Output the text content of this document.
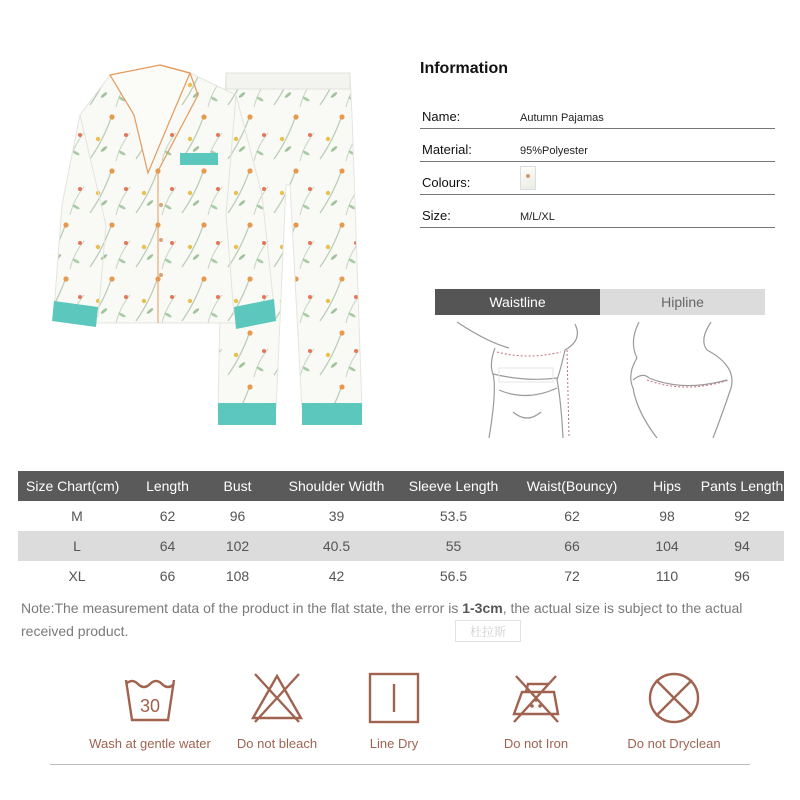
Information
Name:	Autumn Pajamas
Material:	95%Polyester
Colours:
Size:	M/L/XL
Waistline	Hipline
Size Chart(cm)	Length	Bust	Shoulder Width	Sleeve Length	Waist(Bouncy)	Hips	Pants Length
M	62	96	39	53.5	62	98	92
L	64	102	40.5	55	66	104	94
XL	66	108	42	56.5	72	110	96
Note:The measurement data of the product in the flat state, the error is 1-3cm, the actual size is subject to the actual received product.	杜拉斯
30
Wash at gentle water	Do not bleach	Line Dry	Do not Iron	Do not Dryclean
